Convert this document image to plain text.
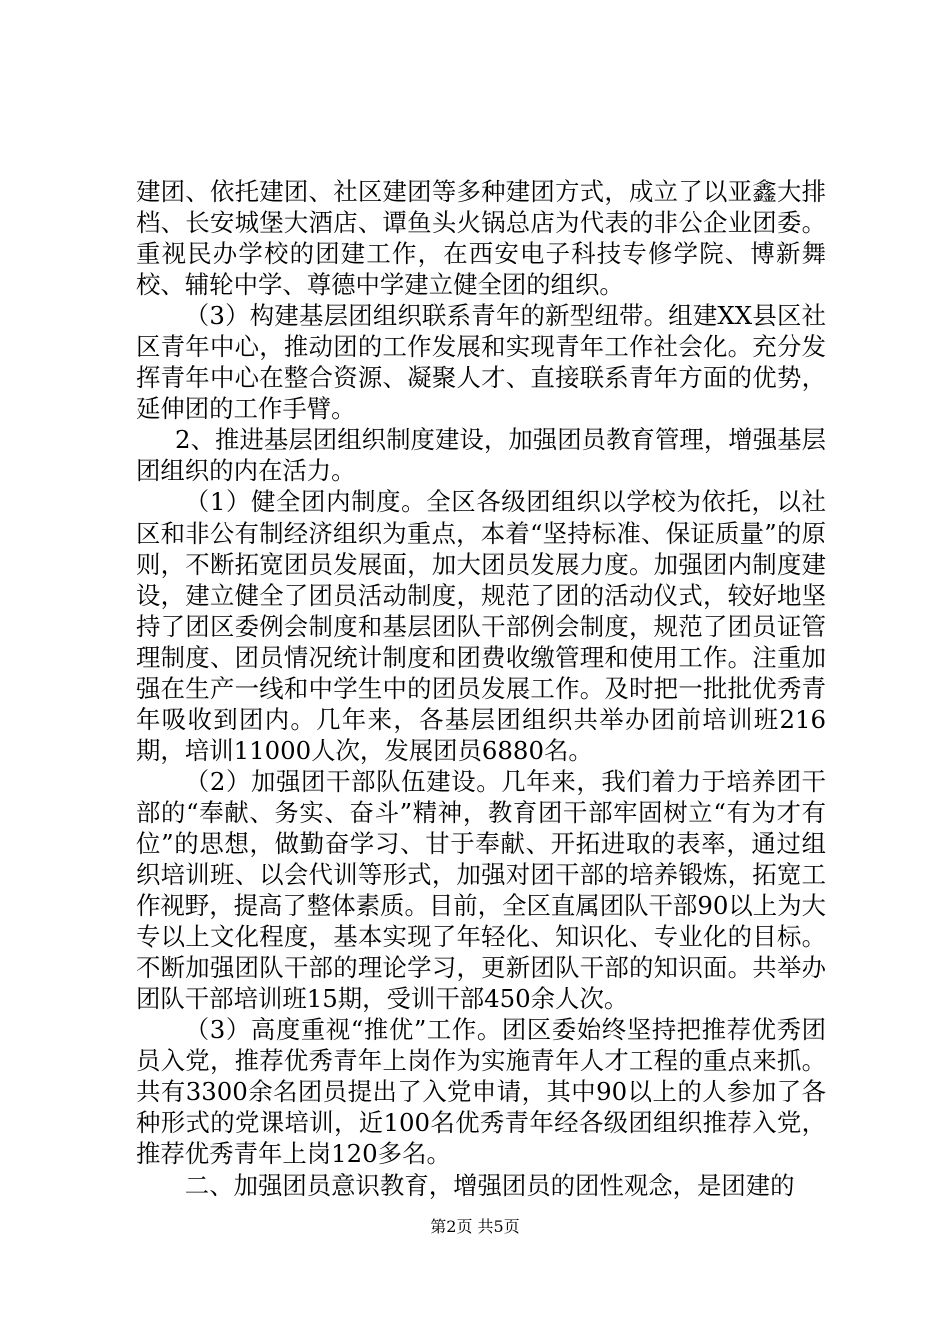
建团、依托建团、社区建团等多种建团方式，成立了以亚鑫大排档、长安城堡大酒店、谭鱼头火锅总店为代表的非公企业团委。重视民办学校的团建工作，在西安电子科技专修学院、博新舞校、辅轮中学、尊德中学建立健全团的组织。

（3）构建基层团组织联系青年的新型纽带。组建XX县区社区青年中心，推动团的工作发展和实现青年工作社会化。充分发挥青年中心在整合资源、凝聚人才、直接联系青年方面的优势，延伸团的工作手臂。

2、推进基层团组织制度建设，加强团员教育管理，增强基层团组织的内在活力。

（1）健全团内制度。全区各级团组织以学校为依托，以社区和非公有制经济组织为重点，本着“坚持标准、保证质量”的原则，不断拓宽团员发展面，加大团员发展力度。加强团内制度建设，建立健全了团员活动制度，规范了团的活动仪式，较好地坚持了团区委例会制度和基层团队干部例会制度，规范了团员证管理制度、团员情况统计制度和团费收缴管理和使用工作。注重加强在生产一线和中学生中的团员发展工作。及时把一批批优秀青年吸收到团内。几年来，各基层团组织共举办团前培训班216期，培训11000人次，发展团员6880名。

（2）加强团干部队伍建设。几年来，我们着力于培养团干部的“奉献、务实、奋斗”精神，教育团干部牢固树立“有为才有位”的思想，做勤奋学习、甘于奉献、开拓进取的表率，通过组织培训班、以会代训等形式，加强对团干部的培养锻炼，拓宽工作视野，提高了整体素质。目前，全区直属团队干部90以上为大专以上文化程度，基本实现了年轻化、知识化、专业化的目标。不断加强团队干部的理论学习，更新团队干部的知识面。共举办团队干部培训班15期，受训干部450余人次。

（3）高度重视“推优”工作。团区委始终坚持把推荐优秀团员入党，推荐优秀青年上岗作为实施青年人才工程的重点来抓。共有3300余名团员提出了入党申请，其中90以上的人参加了各种形式的党课培训，近100名优秀青年经各级团组织推荐入党，推荐优秀青年上岗120多名。

二、加强团员意识教育，增强团员的团性观念，是团建的

第2页 共5页
